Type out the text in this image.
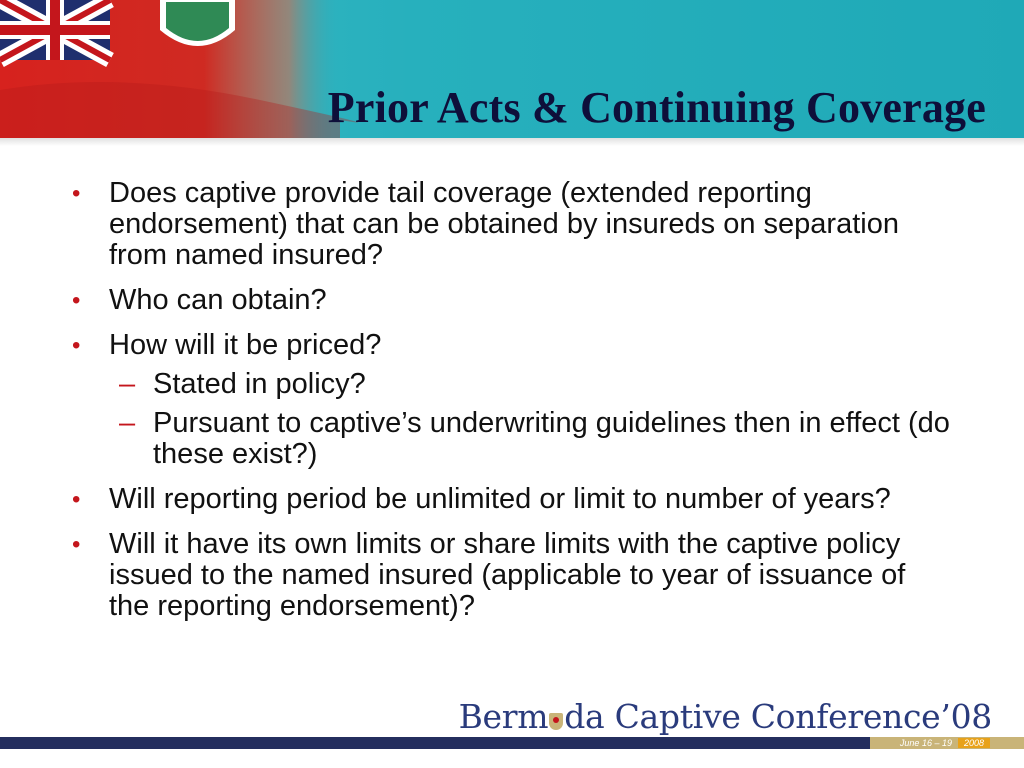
Prior Acts & Continuing Coverage
• Does captive provide tail coverage (extended reporting endorsement) that can be obtained by insureds on separation from named insured?
• Who can obtain?
• How will it be priced?
– Stated in policy?
– Pursuant to captive’s underwriting guidelines then in effect (do these exist?)
• Will reporting period be unlimited or limit to number of years?
• Will it have its own limits or share limits with the captive policy issued to the named insured (applicable to year of issuance of the reporting endorsement)?
Berm da Captive Conference’08
June 16 – 19 2008
